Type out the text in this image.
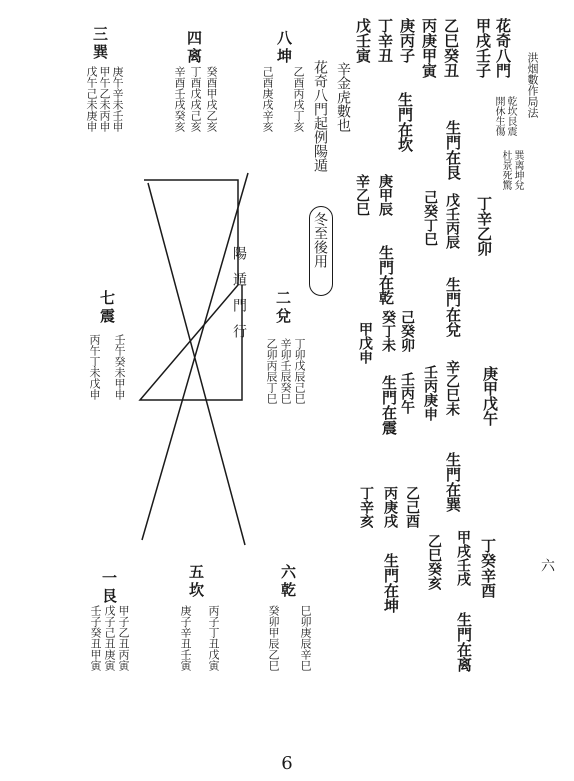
洪烟數作局法
六
花奇八門
甲戌壬子
乙巳癸丑
丙庚甲寅
庚丙子
丁辛丑
戊壬寅
乾坎艮震
開休生傷
巽离坤兌
杜景死驚
丁辛乙卯
庚甲戊午
丁癸辛酉
生門在艮
戊壬丙辰
生門在兌
辛乙巳未
生門在巽
甲戌壬戌
生門在离
己癸丁巳
壬丙庚申
乙巳癸亥
生門在坎
庚甲辰
生門在乾
辛乙巳
己癸卯
壬丙午
癸丁未
生門在震
甲戊申
乙己酉
丙庚戌
生門在坤
丁辛亥
辛金虎數也
花奇八門起例陽遁
冬至後用
陽
遁
門
行
八
坤
己酉庚戌辛亥 乙酉丙戌丁亥
四
离
癸酉甲戌乙亥
丁酉戊戌己亥
辛酉壬戌癸亥
三
巽
庚午辛未壬申
甲午乙未丙申
戊午己未庚申
二
兌
丁卯戊辰己巳
辛卯壬辰癸巳
乙卯丙辰丁巳
七
震
壬午癸未甲申
丙午丁未戊申
六
乾
巳卯庚辰辛巳
癸卯甲辰乙巳
五
坎
丙子丁丑戊寅
庚子辛丑壬寅
一
艮
甲子乙丑丙寅
戊子己丑庚寅
壬子癸丑甲寅
6
